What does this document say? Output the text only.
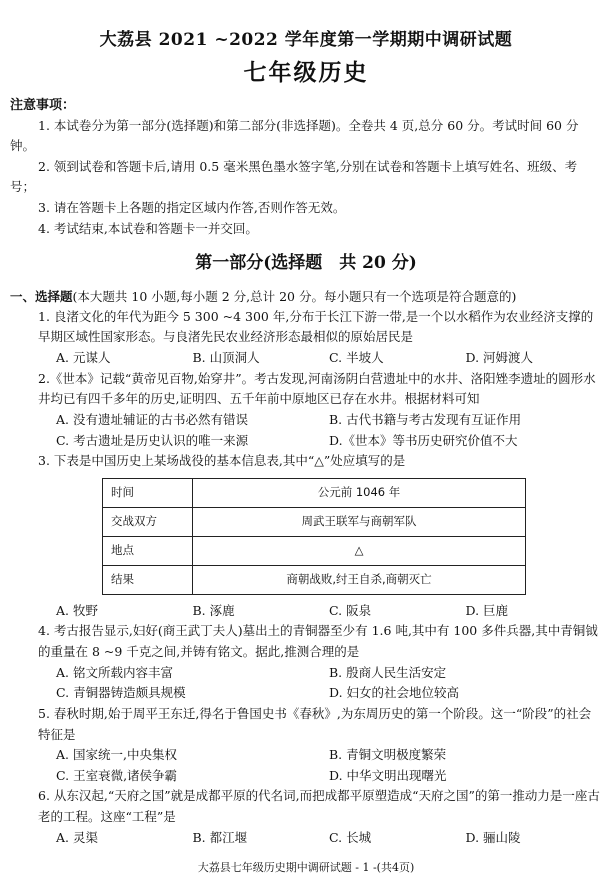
大荔县 2021 ~2022 学年度第一学期期中调研试题
七年级历史
注意事项：
1. 本试卷分为第一部分(选择题)和第二部分(非选择题)。全卷共 4 页,总分 60 分。考试时间 60 分钟。
2. 领到试卷和答题卡后,请用 0.5 毫米黑色墨水签字笔,分别在试卷和答题卡上填写姓名、班级、考号；
3. 请在答题卡上各题的指定区域内作答,否则作答无效。
4. 考试结束,本试卷和答题卡一并交回。
第一部分(选择题　共 20 分)
一、选择题(本大题共 10 小题,每小题 2 分,总计 20 分。每小题只有一个选项是符合题意的)
1. 良渚文化的年代为距今 5 300 ~4 300 年,分布于长江下游一带,是一个以水稻作为农业经济支撑的早期区域性国家形态。与良渚先民农业经济形态最相似的原始居民是
A. 元谋人	B. 山顶洞人	C. 半坡人	D. 河姆渡人
2.《世本》记载“黄帝见百物,始穿井”。考古发现,河南汤阴白营遗址中的水井、洛阳矬李遗址的圆形水井均已有四千多年的历史,证明四、五千年前中原地区已存在水井。根据材料可知
A. 没有遗址辅证的古书必然有错误	B. 古代书籍与考古发现有互证作用
C. 考古遗址是历史认识的唯一来源	D.《世本》等书历史研究价值不大
3. 下表是中国历史上某场战役的基本信息表,其中“△”处应填写的是
时间	公元前 1046 年
交战双方	周武王联军与商朝军队
地点	△
结果	商朝战败,纣王自杀,商朝灭亡
A. 牧野	B. 涿鹿	C. 阪泉	D. 巨鹿
4. 考古报告显示,妇好(商王武丁夫人)墓出土的青铜器至少有 1.6 吨,其中有 100 多件兵器,其中青铜钺的重量在 8 ~9 千克之间,并铸有铭文。据此,推测合理的是
A. 铭文所载内容丰富	B. 殷商人民生活安定
C. 青铜器铸造颇具规模	D. 妇女的社会地位较高
5. 春秋时期,始于周平王东迁,得名于鲁国史书《春秋》,为东周历史的第一个阶段。这一“阶段”的社会特征是
A. 国家统一,中央集权	B. 青铜文明极度繁荣
C. 王室衰微,诸侯争霸	D. 中华文明出现曙光
6. 从东汉起,“天府之国”就是成都平原的代名词,而把成都平原塑造成“天府之国”的第一推动力是一座古老的工程。这座“工程”是
A. 灵渠	B. 都江堰	C. 长城	D. 骊山陵
大荔县七年级历史期中调研试题 - 1 -(共4页)
